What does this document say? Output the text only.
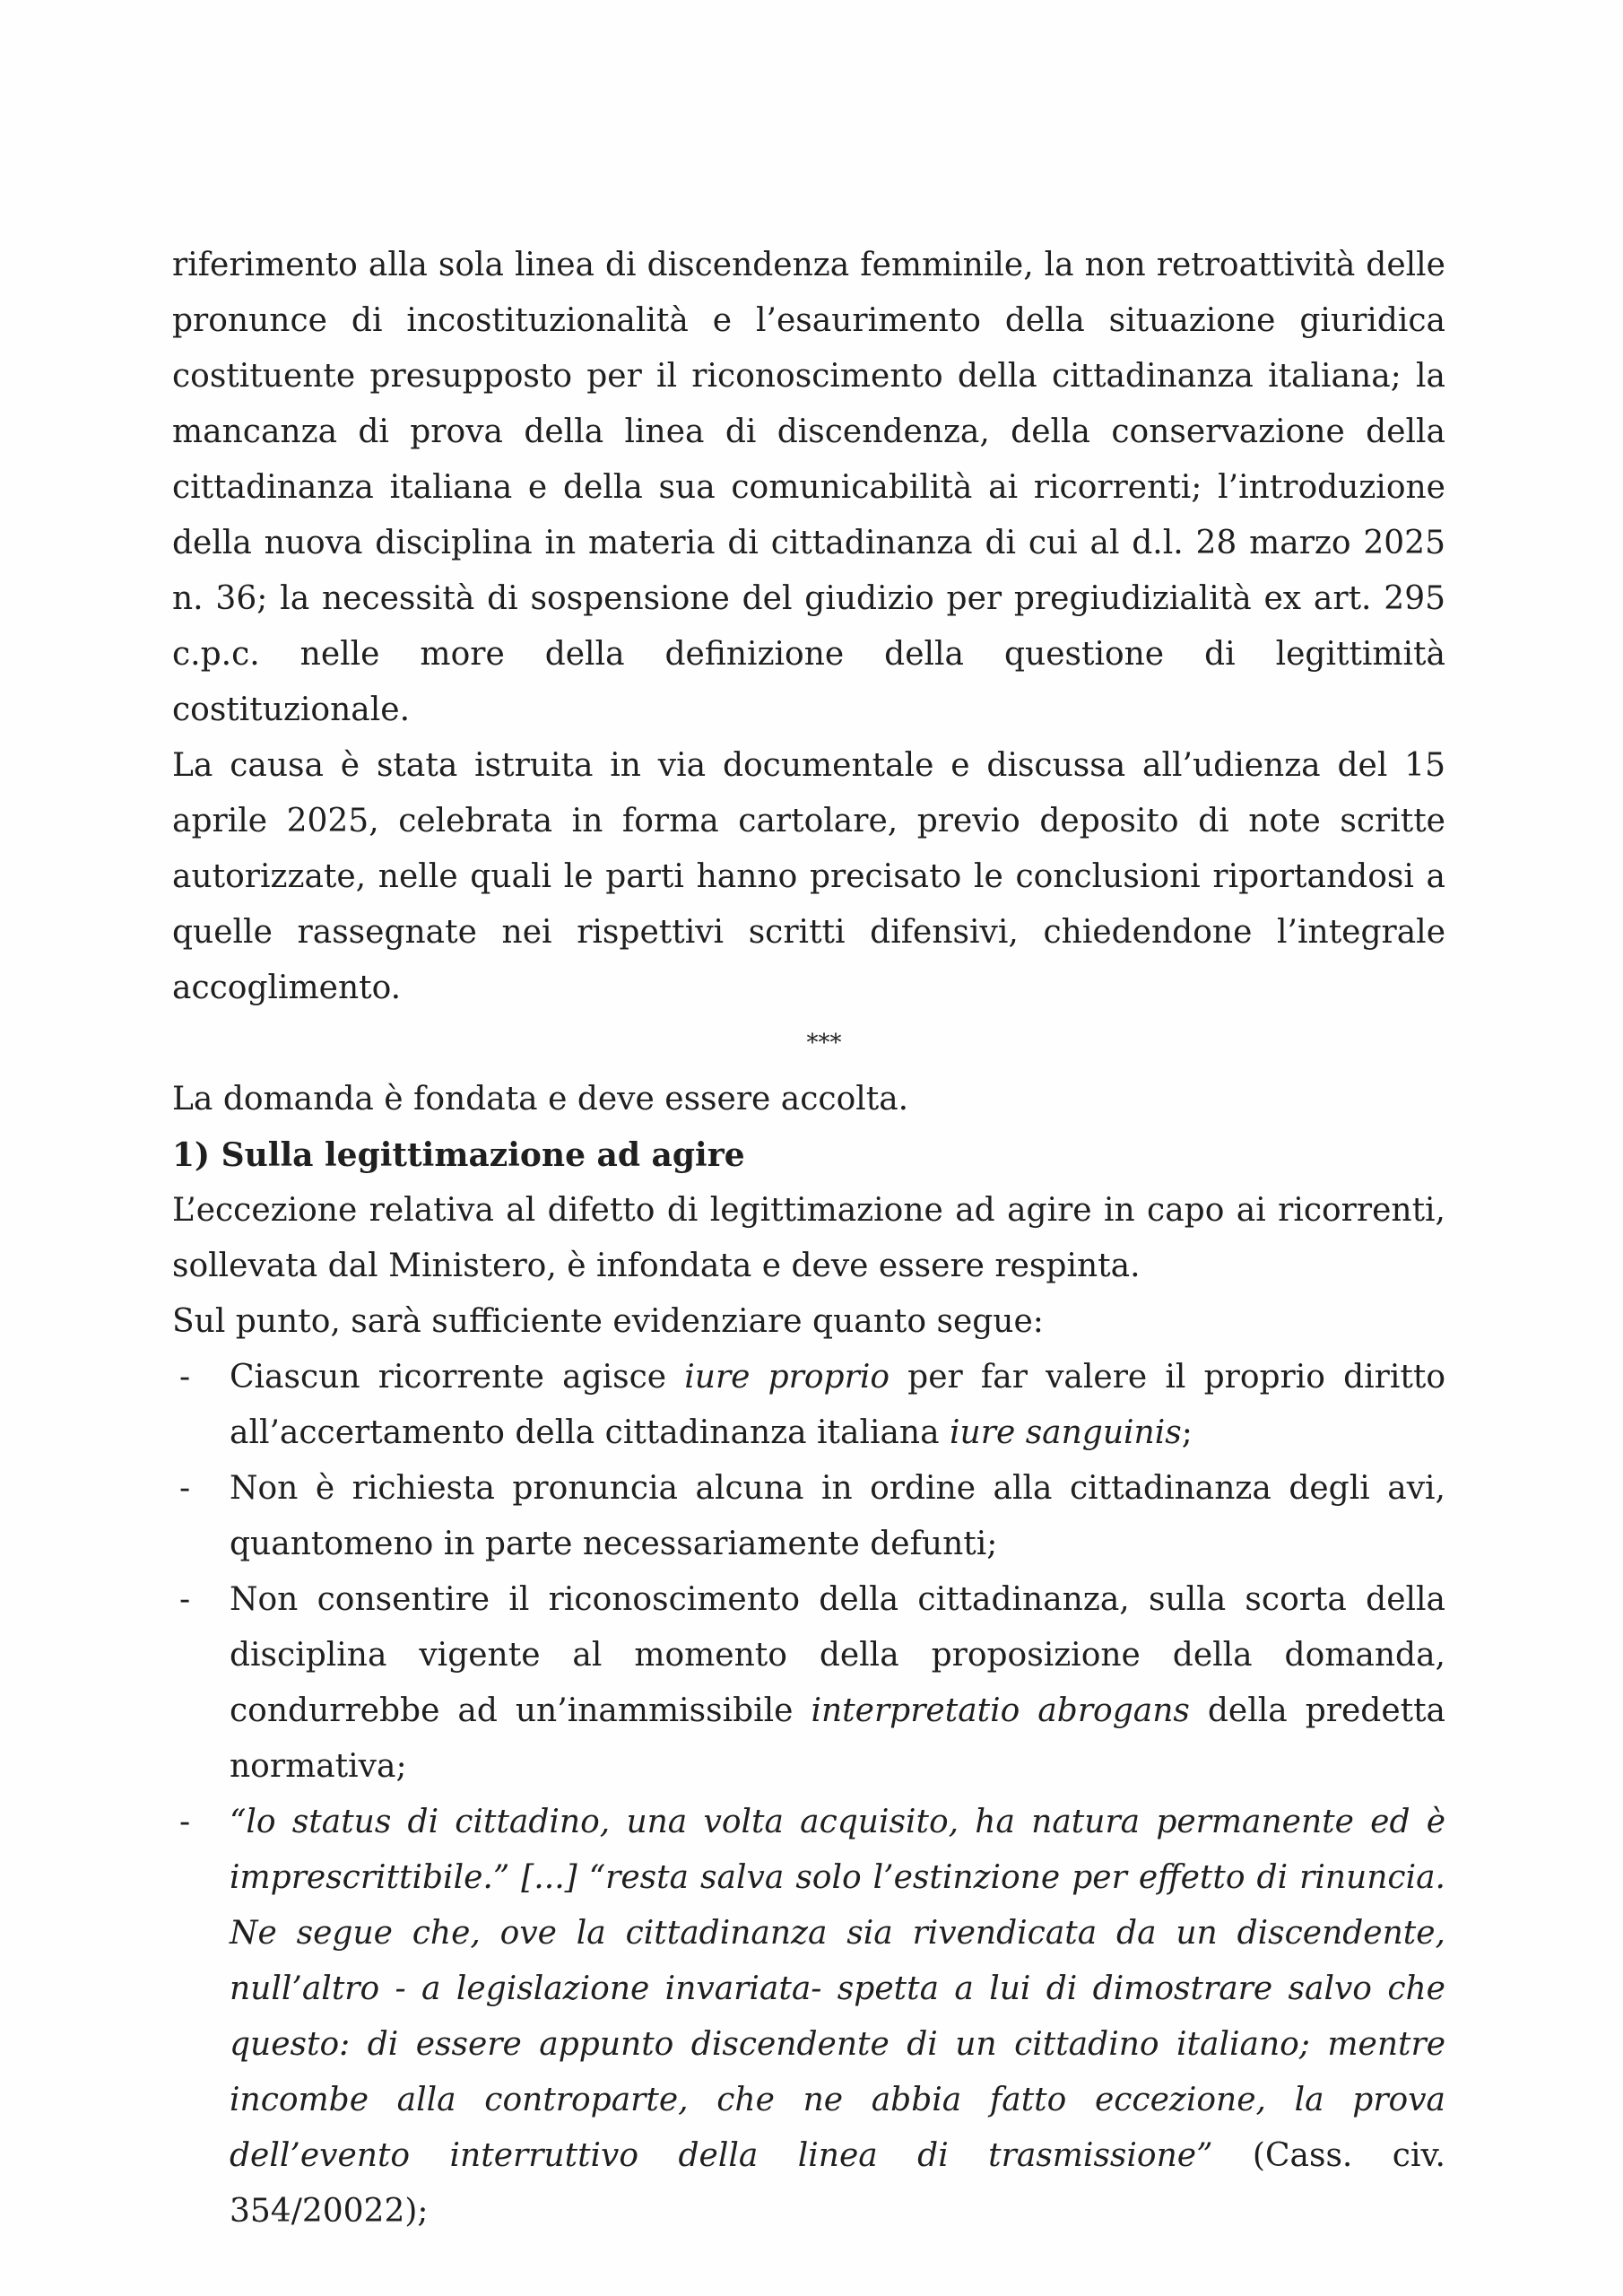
riferimento alla sola linea di discendenza femminile, la non retroattività delle pronunce di incostituzionalità e l’esaurimento della situazione giuridica costituente presupposto per il riconoscimento della cittadinanza italiana; la mancanza di prova della linea di discendenza, della conservazione della cittadinanza italiana e della sua comunicabilità ai ricorrenti; l’introduzione della nuova disciplina in materia di cittadinanza di cui al d.l. 28 marzo 2025 n. 36; la necessità di sospensione del giudizio per pregiudizialità ex art. 295 c.p.c. nelle more della definizione della questione di legittimità costituzionale.

La causa è stata istruita in via documentale e discussa all’udienza del 15 aprile 2025, celebrata in forma cartolare, previo deposito di note scritte autorizzate, nelle quali le parti hanno precisato le conclusioni riportandosi a quelle rassegnate nei rispettivi scritti difensivi, chiedendone l’integrale accoglimento.

***

La domanda è fondata e deve essere accolta.

1) Sulla legittimazione ad agire

L’eccezione relativa al difetto di legittimazione ad agire in capo ai ricorrenti, sollevata dal Ministero, è infondata e deve essere respinta.

Sul punto, sarà sufficiente evidenziare quanto segue:

- Ciascun ricorrente agisce iure proprio per far valere il proprio diritto all’accertamento della cittadinanza italiana iure sanguinis;
- Non è richiesta pronuncia alcuna in ordine alla cittadinanza degli avi, quantomeno in parte necessariamente defunti;
- Non consentire il riconoscimento della cittadinanza, sulla scorta della disciplina vigente al momento della proposizione della domanda, condurrebbe ad un’inammissibile interpretatio abrogans della predetta normativa;
- “lo status di cittadino, una volta acquisito, ha natura permanente ed è imprescrittibile.” [...] “resta salva solo l’estinzione per effetto di rinuncia. Ne segue che, ove la cittadinanza sia rivendicata da un discendente, null’altro - a legislazione invariata- spetta a lui di dimostrare salvo che questo: di essere appunto discendente di un cittadino italiano; mentre incombe alla controparte, che ne abbia fatto eccezione, la prova dell’evento interruttivo della linea di trasmissione” (Cass. civ. 354/20022);
